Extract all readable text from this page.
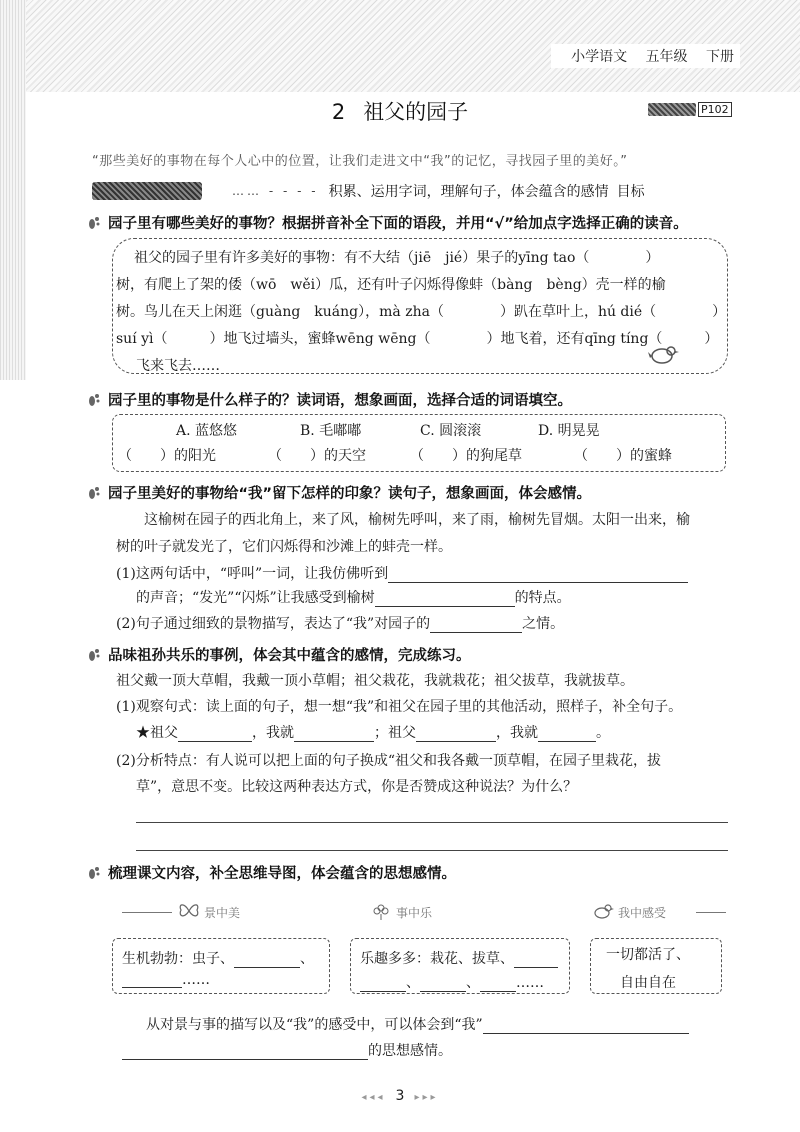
小学语文 五年级 下册
2 祖父的园子	P102
“那些美好的事物在每个人心中的位置，让我们走进文中“我”的记忆，寻找园子里的美好。”
…… - - - - 积累、运用字词，理解句子，体会蕴含的感情 目标
园子里有哪些美好的事物？根据拼音补全下面的语段，并用“√”给加点字选择正确的读音。
祖父的园子里有许多美好的事物：有不大结（jiē　jié）果子的yīng tao（　　　　）
树，有爬上了架的倭（wō　wěi）瓜，还有叶子闪烁得像蚌（bàng　bèng）壳一样的榆
树。鸟儿在天上闲逛（guàng　kuáng），mà zha（　　　　）趴在草叶上，hú dié（　　　　）
suí yì（　　　）地飞过墙头，蜜蜂wēng wēng（　　　　）地飞着，还有qīng tíng（　　　）
飞来飞去……
园子里的事物是什么样子的？读词语，想象画面，选择合适的词语填空。
A. 蓝悠悠	B. 毛嘟嘟	C. 圆滚滚	D. 明晃晃
（　　）的阳光	（　　）的天空	（　　）的狗尾草	（　　）的蜜蜂
园子里美好的事物给“我”留下怎样的印象？读句子，想象画面，体会感情。
这榆树在园子的西北角上，来了风，榆树先呼叫，来了雨，榆树先冒烟。太阳一出来，榆
树的叶子就发光了，它们闪烁得和沙滩上的蚌壳一样。
(1)这两句话中，“呼叫”一词，让我仿佛听到
的声音；“发光”“闪烁”让我感受到榆树	的特点。
(2)句子通过细致的景物描写，表达了“我”对园子的	之情。
品味祖孙共乐的事例，体会其中蕴含的感情，完成练习。
祖父戴一顶大草帽，我戴一顶小草帽；祖父栽花，我就栽花；祖父拔草，我就拔草。
(1)观察句式：读上面的句子，想一想“我”和祖父在园子里的其他活动，照样子，补全句子。
★祖父	，我就	；祖父	，我就	。
(2)分析特点：有人说可以把上面的句子换成“祖父和我各戴一顶草帽，在园子里栽花，拔
草”，意思不变。比较这两种表达方式，你是否赞成这种说法？为什么？
梳理课文内容，补全思维导图，体会蕴含的思想感情。
景中美	事中乐	我中感受
生机勃勃：虫子、	、
……
乐趣多多：栽花、拔草、
、	、	……
一切都活了、
自由自在
从对景与事的描写以及“我”的感受中，可以体会到“我”
的思想感情。
◂◂◂ 3 ▸▸▸
